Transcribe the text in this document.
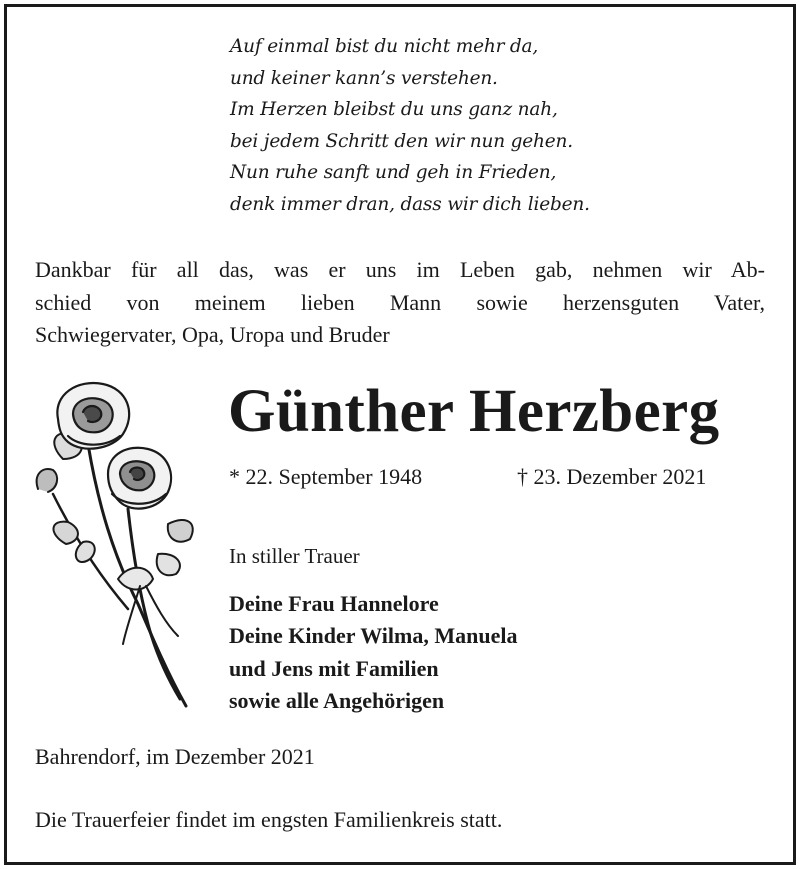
Auf einmal bist du nicht mehr da,
und keiner kann’s verstehen.
Im Herzen bleibst du uns ganz nah,
bei jedem Schritt den wir nun gehen.
Nun ruhe sanft und geh in Frieden,
denk immer dran, dass wir dich lieben.
Dankbar für all das, was er uns im Leben gab, nehmen wir Ab-
schied von meinem lieben Mann sowie herzensguten Vater,
Schwiegervater, Opa, Uropa und Bruder
Günther Herzberg
* 22. September 1948	† 23. Dezember 2021
In stiller Trauer
Deine Frau Hannelore
Deine Kinder Wilma, Manuela
und Jens mit Familien
sowie alle Angehörigen
Bahrendorf, im Dezember 2021
Die Trauerfeier findet im engsten Familienkreis statt.
